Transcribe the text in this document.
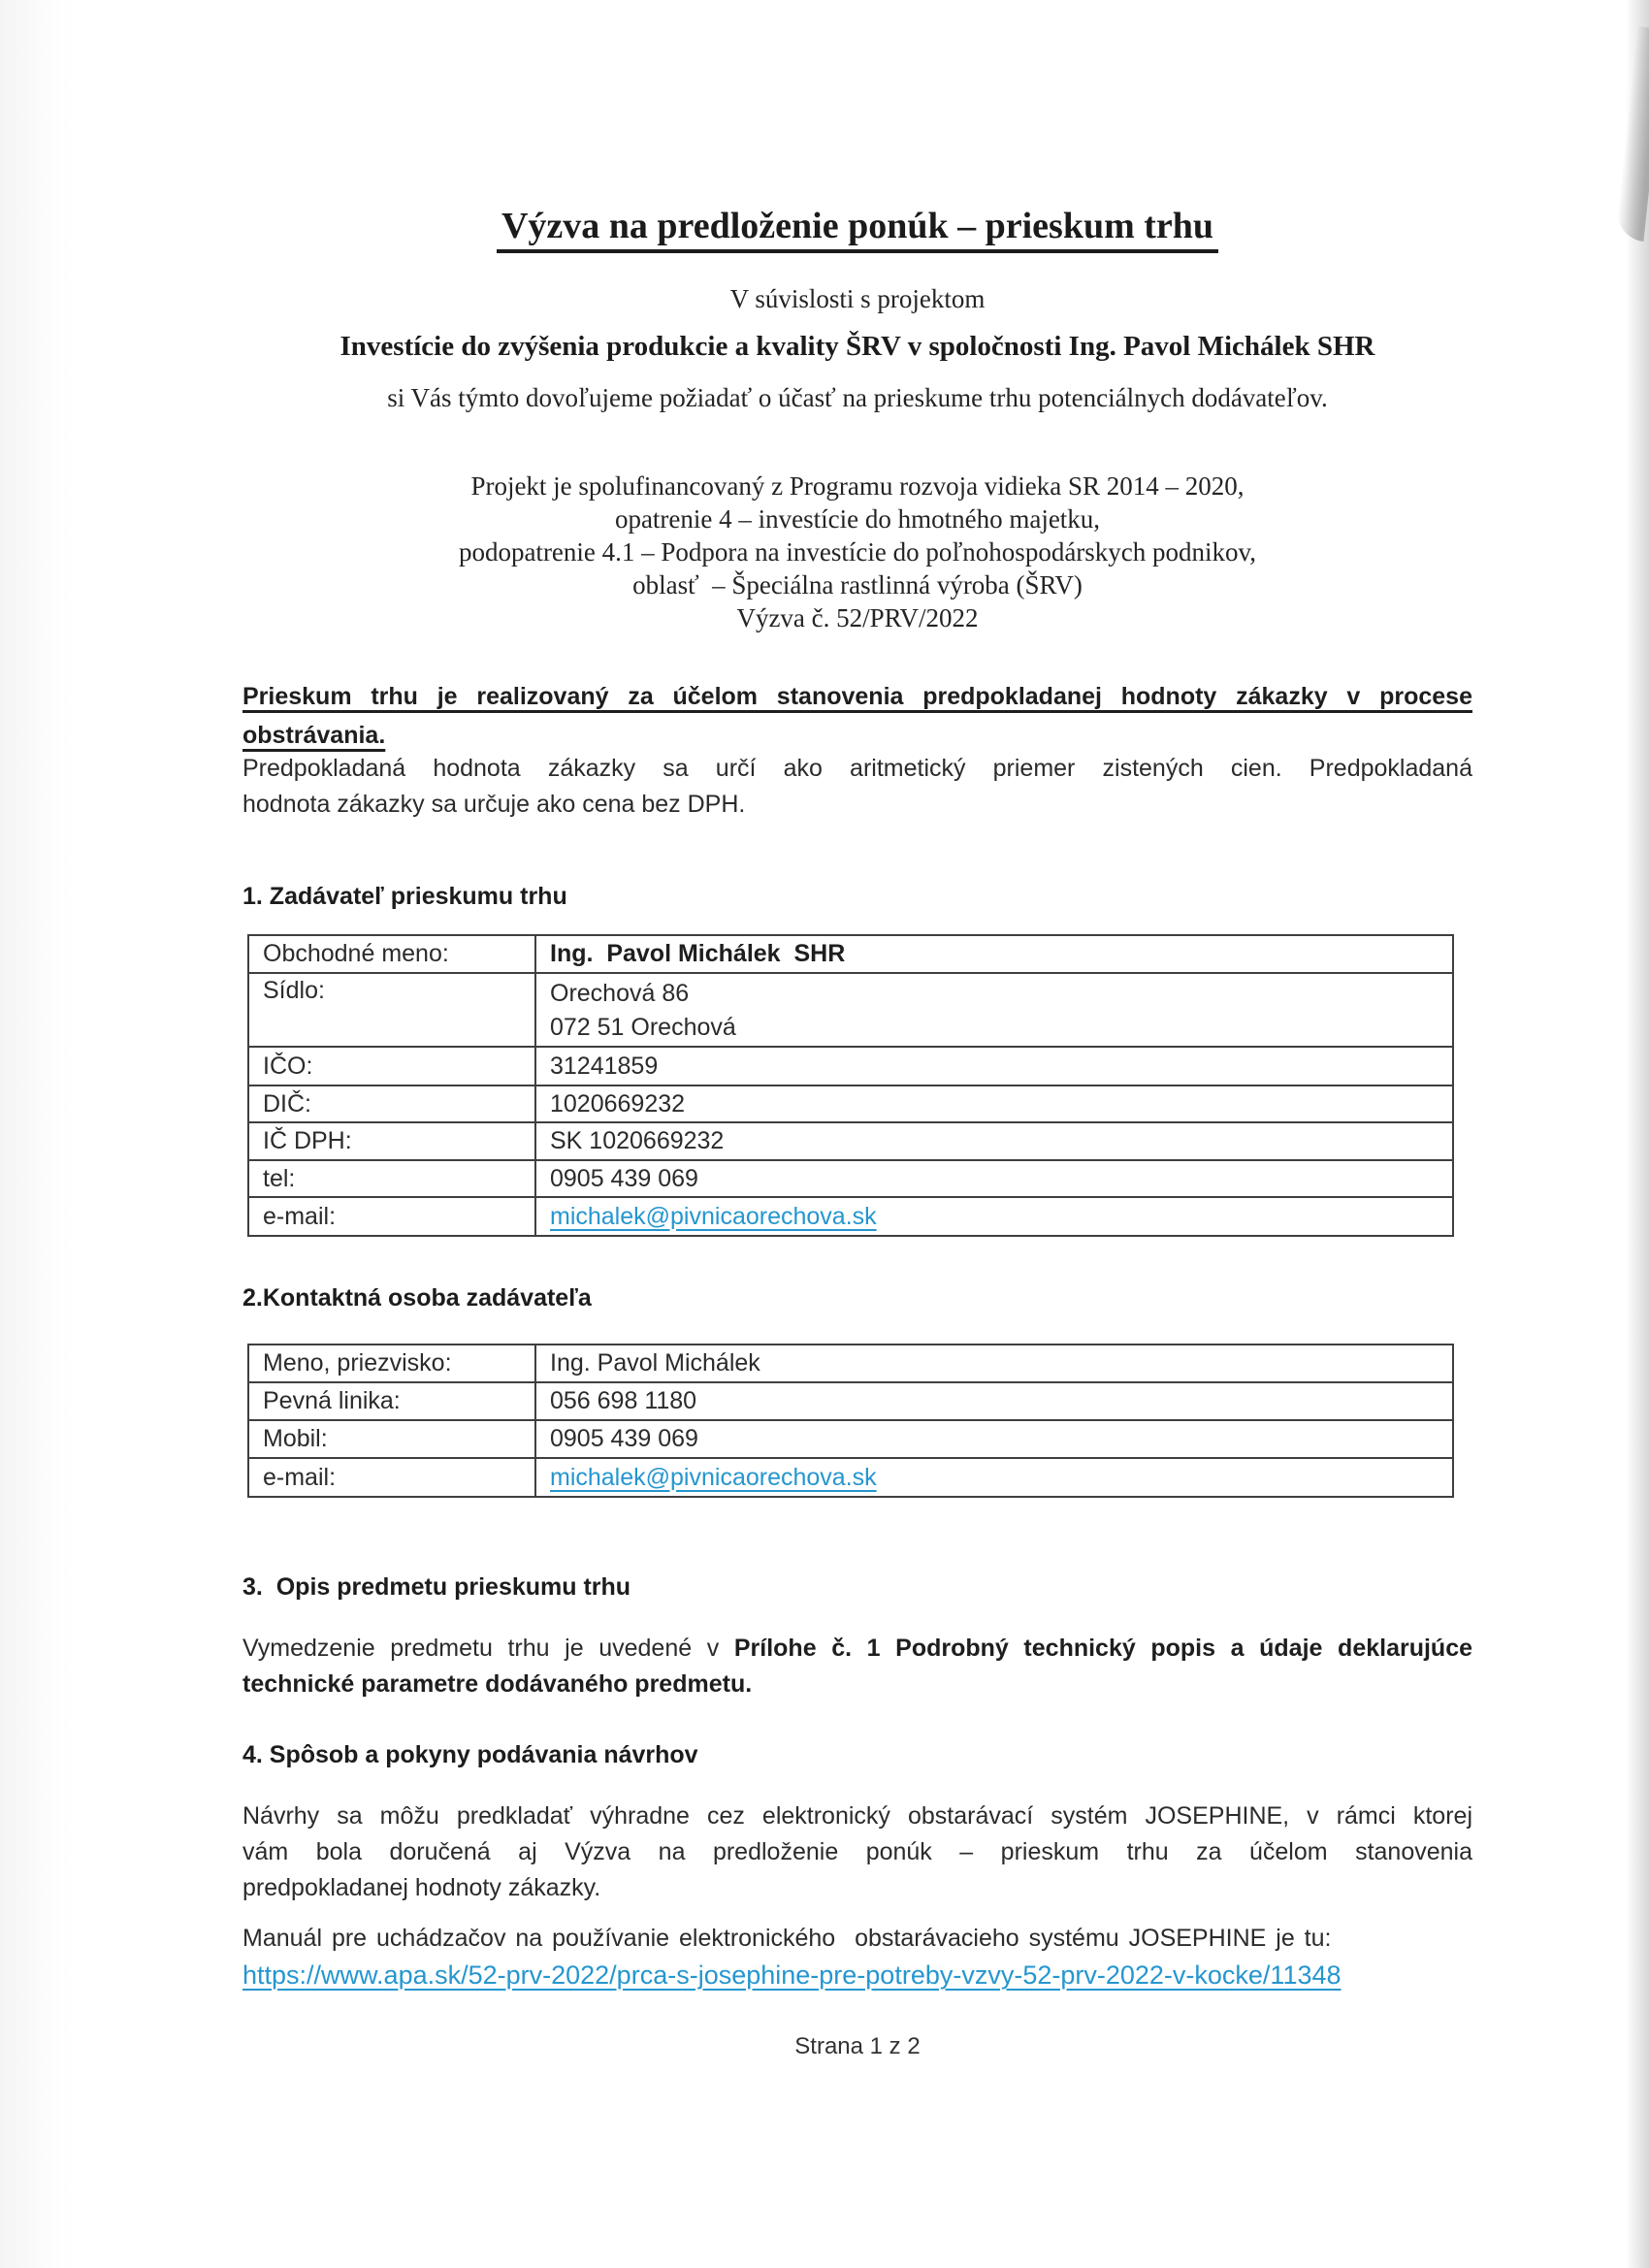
Výzva na predloženie ponúk – prieskum trhu
V súvislosti s projektom
Investície do zvýšenia produkcie a kvality ŠRV v spoločnosti Ing. Pavol Michálek SHR
si Vás týmto dovoľujeme požiadať o účasť na prieskume trhu potenciálnych dodávateľov.
Projekt je spolufinancovaný z Programu rozvoja vidieka SR 2014 – 2020,
opatrenie 4 – investície do hmotného majetku,
podopatrenie 4.1 – Podpora na investície do poľnohospodárskych podnikov,
oblasť  – Špeciálna rastlinná výroba (ŠRV)
Výzva č. 52/PRV/2022
Prieskum trhu je realizovaný za účelom stanovenia predpokladanej hodnoty zákazky v procese
obstrávania.
Predpokladaná hodnota zákazky sa určí ako aritmetický priemer zistených cien. Predpokladaná
hodnota zákazky sa určuje ako cena bez DPH.
1. Zadávateľ prieskumu trhu
Obchodné meno:	Ing.  Pavol Michálek  SHR
Sídlo:	Orechová 86
072 51 Orechová

IČO:	31241859
DIČ:	1020669232
IČ DPH:	SK 1020669232
tel:	0905 439 069
e-mail:	michalek@pivnicaorechova.sk
2.Kontaktná osoba zadávateľa
Meno, priezvisko:	Ing. Pavol Michálek
Pevná linika:	056 698 1180
Mobil:	0905 439 069
e-mail:	michalek@pivnicaorechova.sk
3.  Opis predmetu prieskumu trhu
Vymedzenie predmetu trhu je uvedené v Prílohe č. 1 Podrobný technický popis a údaje deklarujúce
technické parametre dodávaného predmetu.
4. Spôsob a pokyny podávania návrhov
Návrhy sa môžu predkladať výhradne cez elektronický obstarávací systém JOSEPHINE, v rámci ktorej
vám bola doručená aj Výzva na predloženie ponúk – prieskum trhu za účelom stanovenia
predpokladanej hodnoty zákazky.
Manuál pre uchádzačov na používanie elektronického  obstarávacieho systému JOSEPHINE je tu:
https://www.apa.sk/52-prv-2022/prca-s-josephine-pre-potreby-vzvy-52-prv-2022-v-kocke/11348
Strana 1 z 2
